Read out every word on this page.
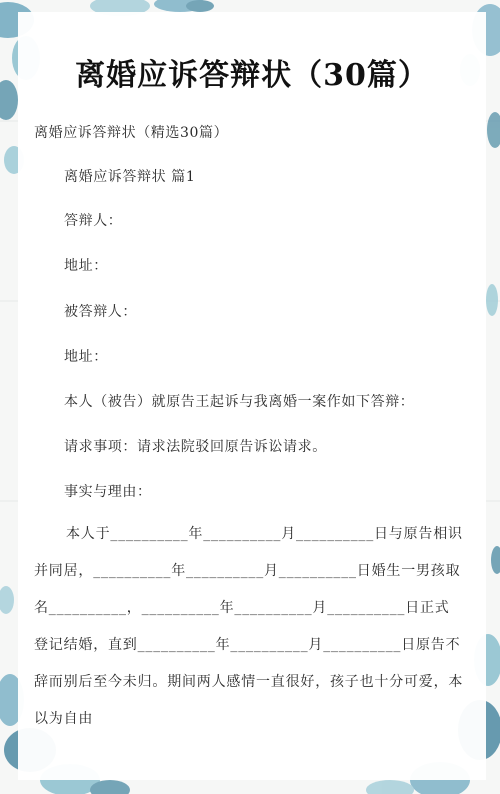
离婚应诉答辩状（30篇）
离婚应诉答辩状（精选30篇）
离婚应诉答辩状 篇1
答辩人：
地址：
被答辩人：
地址：
本人（被告）就原告王起诉与我离婚一案作如下答辩：
请求事项：请求法院驳回原告诉讼请求。
事实与理由：

本人于__________年__________月__________日与原告相识并同居，__________年__________月__________日婚生一男孩取名__________，__________年__________月__________日正式登记结婚，直到__________年__________月__________日原告不辞而别后至今未归。期间两人感情一直很好，孩子也十分可爱，本以为自由
